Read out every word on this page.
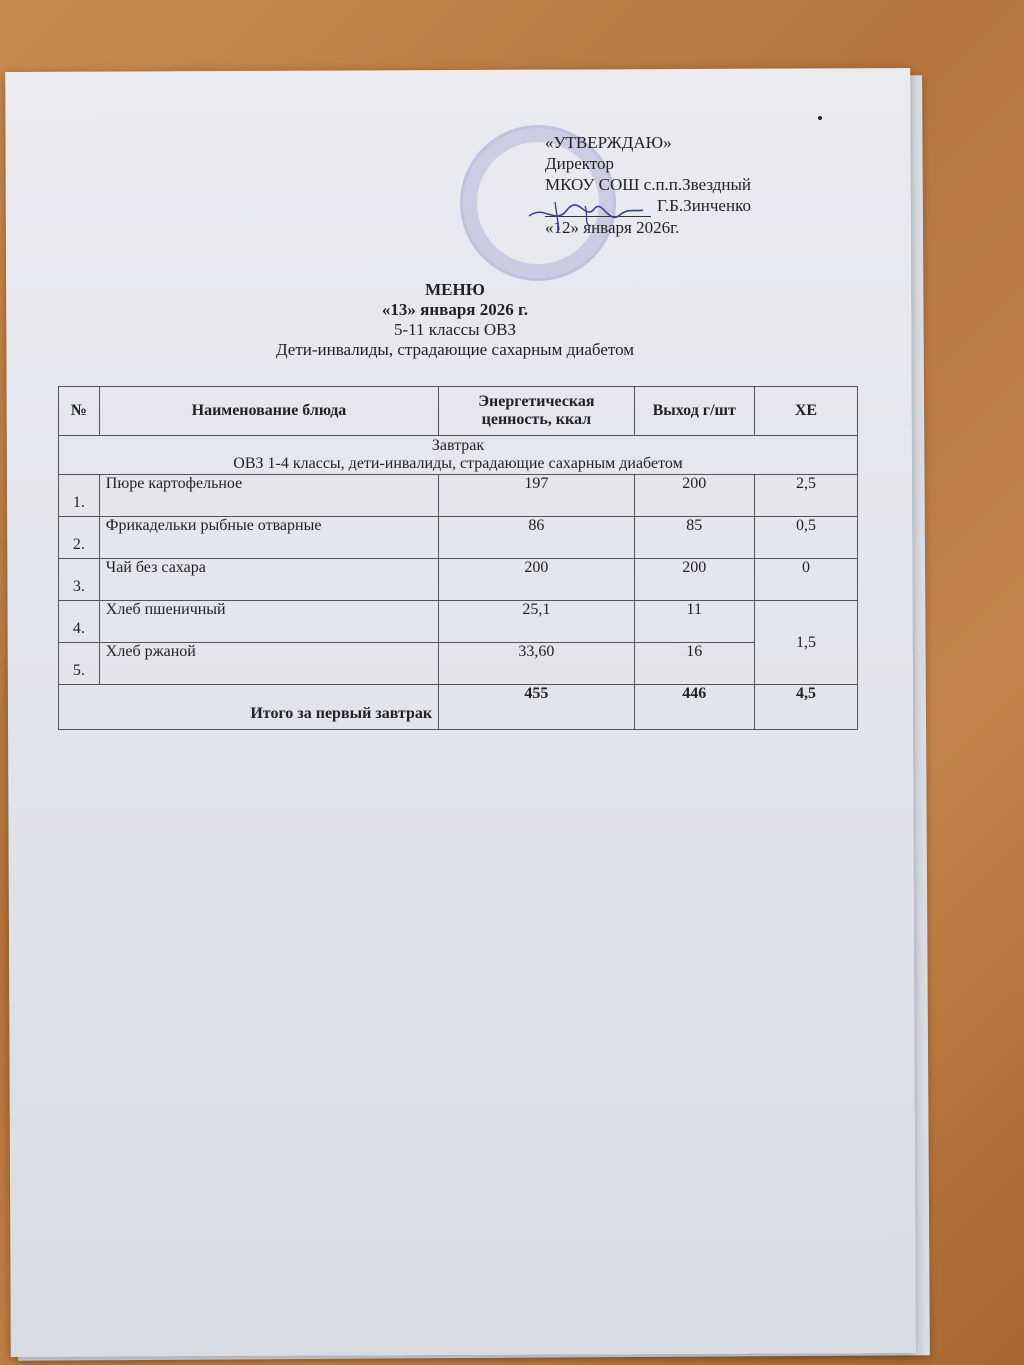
«УТВЕРЖДАЮ»
Директор
МКОУ СОШ с.п.п.Звездный
Г.Б.Зинченко
«12» января 2026г.
МЕНЮ
«13» января 2026 г.
5-11 классы ОВЗ
Дети-инвалиды, страдающие сахарным диабетом
№	Наименование блюда	Энергетическая ценность, ккал	Выход г/шт	ХЕ

Завтрак
ОВЗ 1-4 классы, дети-инвалиды, страдающие сахарным диабетом				

1.	Пюре картофельное	197	200	2,5
2.	Фрикадельки рыбные отварные	86	85	0,5
3.	Чай без сахара	200	200	0
4.	Хлеб пшеничный	25,1	11	1,5
5.	Хлеб ржаной	33,60	16	
Итого за первый завтрак		455	446	4,5
